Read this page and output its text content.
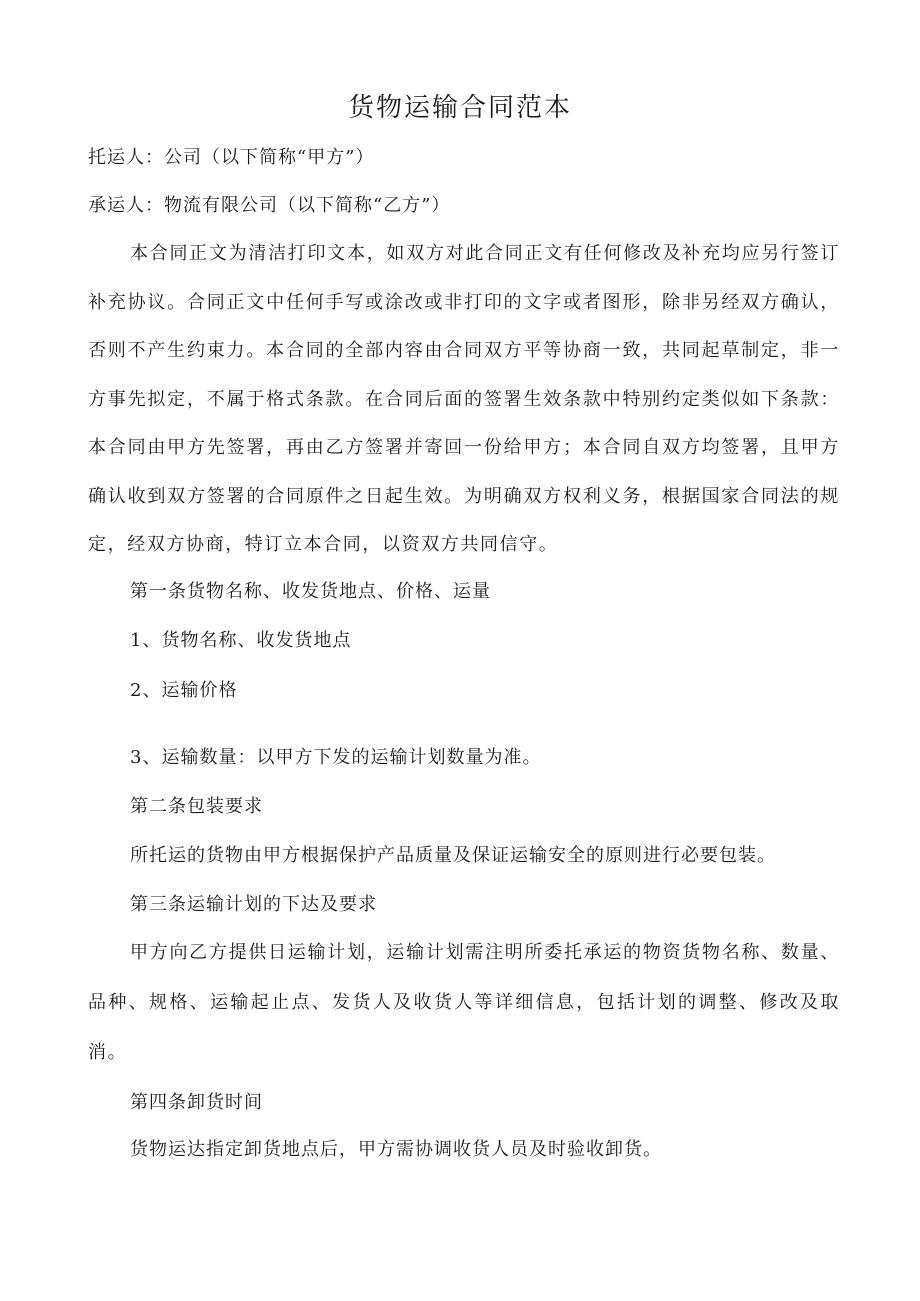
货物运输合同范本

托运人：公司（以下简称“甲方”）

承运人：物流有限公司（以下简称“乙方”）

本合同正文为清洁打印文本，如双方对此合同正文有任何修改及补充均应另行签订补充协议。合同正文中任何手写或涂改或非打印的文字或者图形，除非另经双方确认，否则不产生约束力。本合同的全部内容由合同双方平等协商一致，共同起草制定，非一方事先拟定，不属于格式条款。在合同后面的签署生效条款中特别约定类似如下条款：本合同由甲方先签署，再由乙方签署并寄回一份给甲方；本合同自双方均签署，且甲方确认收到双方签署的合同原件之日起生效。为明确双方权利义务，根据国家合同法的规定，经双方协商，特订立本合同，以资双方共同信守。

第一条货物名称、收发货地点、价格、运量

1、货物名称、收发货地点

2、运输价格

3、运输数量：以甲方下发的运输计划数量为准。

第二条包装要求

所托运的货物由甲方根据保护产品质量及保证运输安全的原则进行必要包装。

第三条运输计划的下达及要求

甲方向乙方提供日运输计划，运输计划需注明所委托承运的物资货物名称、数量、品种、规格、运输起止点、发货人及收货人等详细信息，包括计划的调整、修改及取消。

第四条卸货时间

货物运达指定卸货地点后，甲方需协调收货人员及时验收卸货。
